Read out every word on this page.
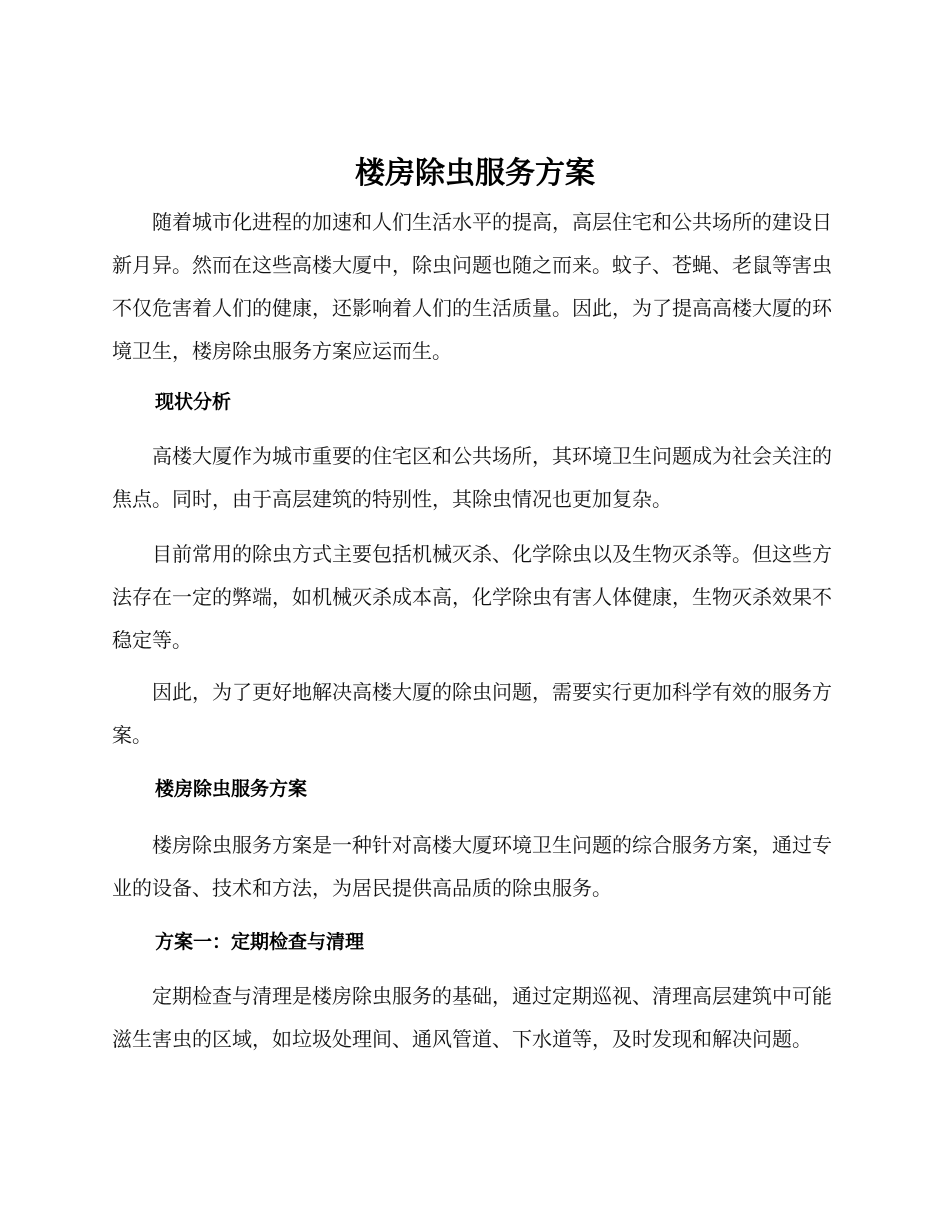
楼房除虫服务方案

随着城市化进程的加速和人们生活水平的提高，高层住宅和公共场所的建设日新月异。然而在这些高楼大厦中，除虫问题也随之而来。蚊子、苍蝇、老鼠等害虫不仅危害着人们的健康，还影响着人们的生活质量。因此，为了提高高楼大厦的环境卫生，楼房除虫服务方案应运而生。

现状分析

高楼大厦作为城市重要的住宅区和公共场所，其环境卫生问题成为社会关注的焦点。同时，由于高层建筑的特别性，其除虫情况也更加复杂。

目前常用的除虫方式主要包括机械灭杀、化学除虫以及生物灭杀等。但这些方法存在一定的弊端，如机械灭杀成本高，化学除虫有害人体健康，生物灭杀效果不稳定等。

因此，为了更好地解决高楼大厦的除虫问题，需要实行更加科学有效的服务方案。

楼房除虫服务方案

楼房除虫服务方案是一种针对高楼大厦环境卫生问题的综合服务方案，通过专业的设备、技术和方法，为居民提供高品质的除虫服务。

方案一：定期检查与清理

定期检查与清理是楼房除虫服务的基础，通过定期巡视、清理高层建筑中可能滋生害虫的区域，如垃圾处理间、通风管道、下水道等，及时发现和解决问题。
